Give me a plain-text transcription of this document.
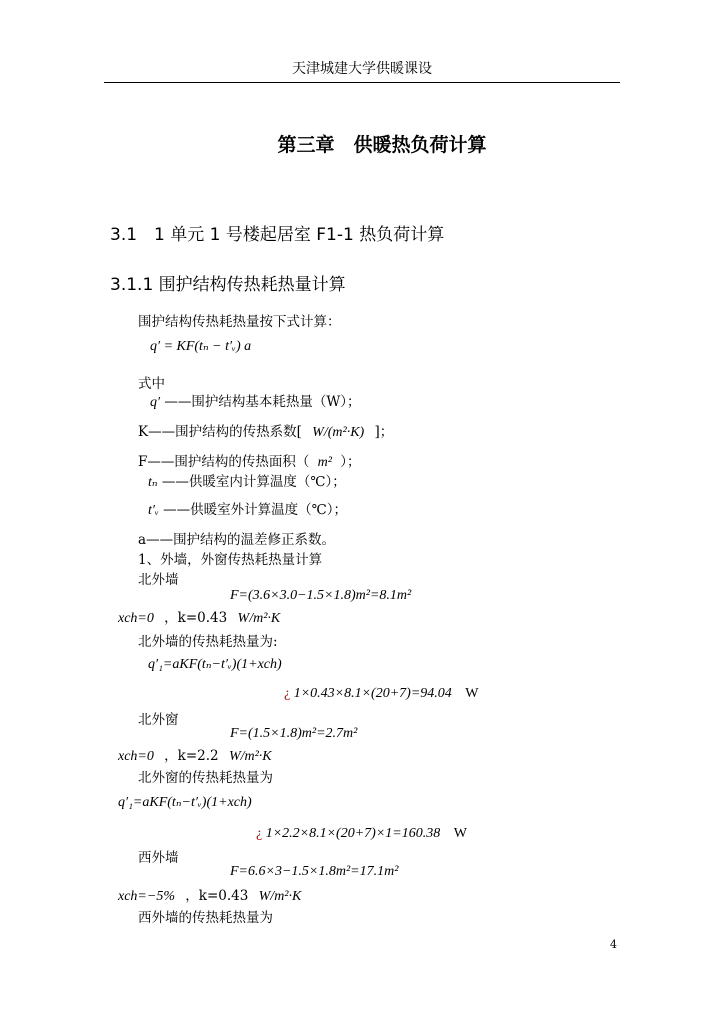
天津城建大学供暖课设
第三章　供暖热负荷计算
3.1　1 单元 1 号楼起居室 F1-1 热负荷计算
3.1.1 围护结构传热耗热量计算
围护结构传热耗热量按下式计算：
q′ = KF(tₙ − t′ᵥ) a
式中
q′ ——围护结构基本耗热量（W）；
K——围护结构的传热系数[ W/(m²·K) ]；
F——围护结构的传热面积（ m² ）；
tₙ ——供暖室内计算温度（℃）；
t′ᵥ ——供暖室外计算温度（℃）；
a——围护结构的温差修正系数。
1、外墙，外窗传热耗热量计算
北外墙
F=(3.6×3.0−1.5×1.8)m²=8.1m²
xch=0 ，k=0.43 W/m²·K
北外墙的传热耗热量为:
q′₁=aKF(tₙ−t′ᵥ)(1+xch)
¿ 1×0.43×8.1×(20+7)=94.04 W
北外窗
F=(1.5×1.8)m²=2.7m²
xch=0 ，k=2.2 W/m²·K
北外窗的传热耗热量为
q′₁=aKF(tₙ−t′ᵥ)(1+xch)
¿ 1×2.2×8.1×(20+7)×1=160.38 W
西外墙
F=6.6×3−1.5×1.8m²=17.1m²
xch=−5% ，k=0.43 W/m²·K
西外墙的传热耗热量为
4
